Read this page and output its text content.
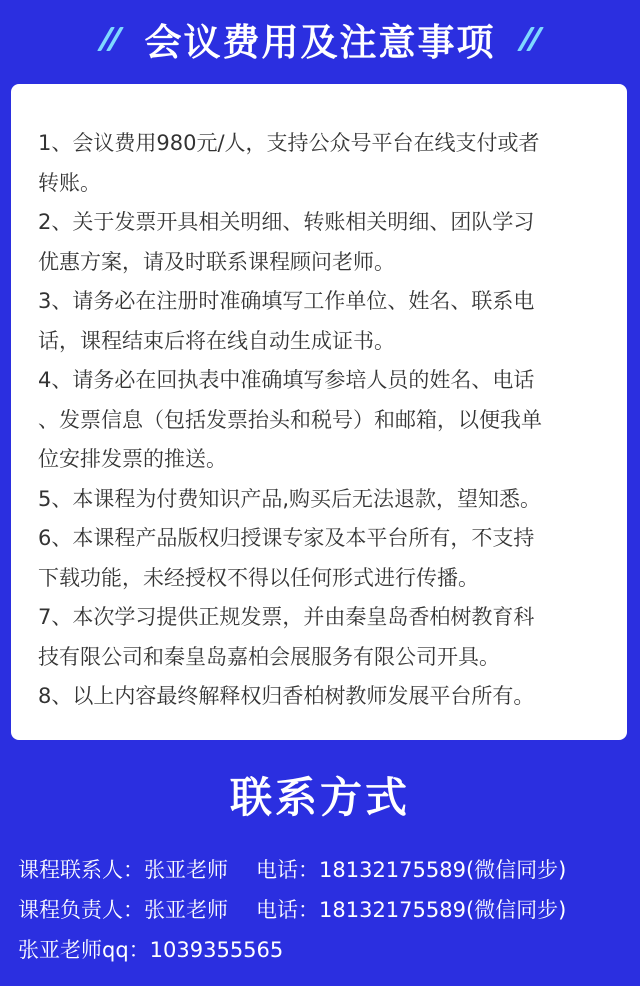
会议费用及注意事项

1、会议费用980元/人，支持公众号平台在线支付或者
转账。

2、关于发票开具相关明细、转账相关明细、团队学习
优惠方案，请及时联系课程顾问老师。

3、请务必在注册时准确填写工作单位、姓名、联系电
话，课程结束后将在线自动生成证书。

4、请务必在回执表中准确填写参培人员的姓名、电话
、发票信息（包括发票抬头和税号）和邮箱，以便我单
位安排发票的推送。

5、本课程为付费知识产品,购买后无法退款，望知悉。

6、本课程产品版权归授课专家及本平台所有，不支持
下载功能，未经授权不得以任何形式进行传播。

7、本次学习提供正规发票，并由秦皇岛香柏树教育科
技有限公司和秦皇岛嘉柏会展服务有限公司开具。

8、以上内容最终解释权归香柏树教师发展平台所有。

联系方式
课程联系人：张亚老师 电话：18132175589(微信同步)
课程负责人：张亚老师 电话：18132175589(微信同步)
张亚老师qq：1039355565
